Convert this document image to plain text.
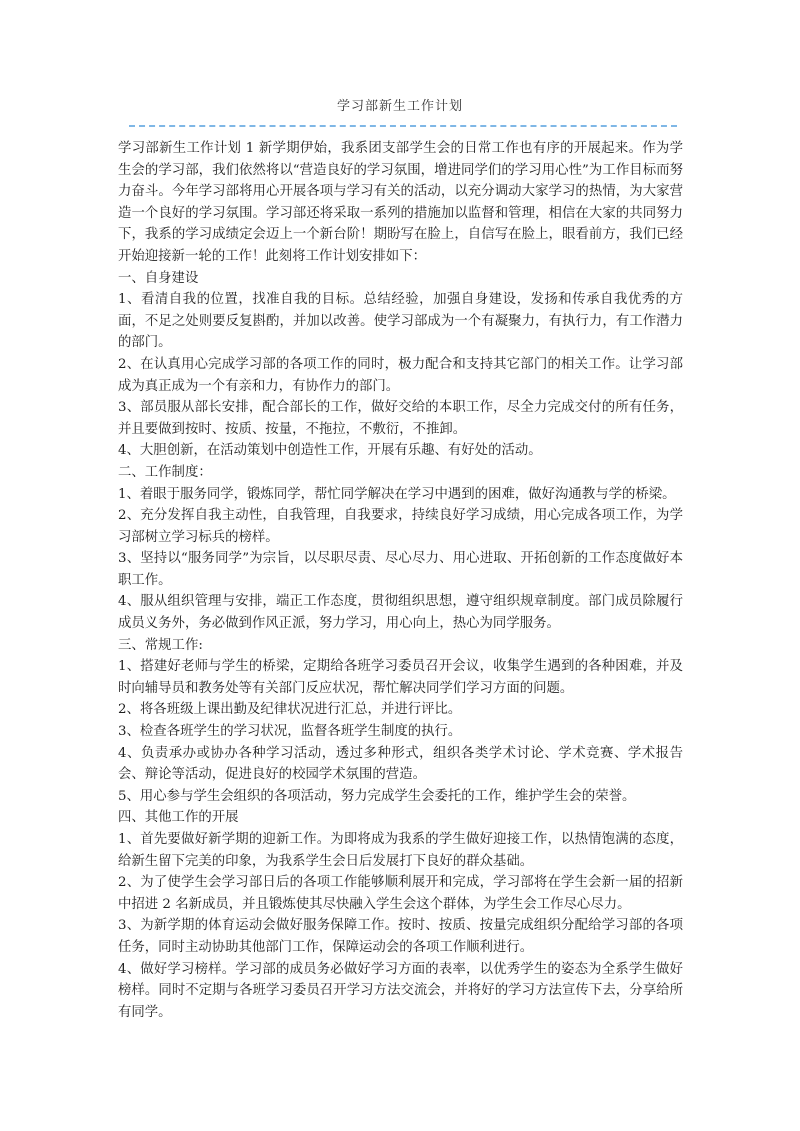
学习部新生工作计划

学习部新生工作计划 1 新学期伊始，我系团支部学生会的日常工作也有序的开展起来。作为学生会的学习部，我们依然将以“营造良好的学习氛围，增进同学们的学习用心性”为工作目标而努力奋斗。今年学习部将用心开展各项与学习有关的活动，以充分调动大家学习的热情，为大家营造一个良好的学习氛围。学习部还将采取一系列的措施加以监督和管理，相信在大家的共同努力下，我系的学习成绩定会迈上一个新台阶！期盼写在脸上，自信写在脸上，眼看前方，我们已经开始迎接新一轮的工作！此刻将工作计划安排如下：

一、自身建设

1、看清自我的位置，找准自我的目标。总结经验，加强自身建设，发扬和传承自我优秀的方面，不足之处则要反复斟酌，并加以改善。使学习部成为一个有凝聚力，有执行力，有工作潜力的部门。

2、在认真用心完成学习部的各项工作的同时，极力配合和支持其它部门的相关工作。让学习部成为真正成为一个有亲和力，有协作力的部门。

3、部员服从部长安排，配合部长的工作，做好交给的本职工作，尽全力完成交付的所有任务，并且要做到按时、按质、按量，不拖拉，不敷衍，不推卸。

4、大胆创新，在活动策划中创造性工作，开展有乐趣、有好处的活动。

二、工作制度：

1、着眼于服务同学，锻炼同学，帮忙同学解决在学习中遇到的困难，做好沟通教与学的桥梁。

2、充分发挥自我主动性，自我管理，自我要求，持续良好学习成绩，用心完成各项工作，为学习部树立学习标兵的榜样。

3、坚持以“服务同学”为宗旨，以尽职尽责、尽心尽力、用心进取、开拓创新的工作态度做好本职工作。

4、服从组织管理与安排，端正工作态度，贯彻组织思想，遵守组织规章制度。部门成员除履行成员义务外，务必做到作风正派，努力学习，用心向上，热心为同学服务。

三、常规工作:

1、搭建好老师与学生的桥梁，定期给各班学习委员召开会议，收集学生遇到的各种困难，并及时向辅导员和教务处等有关部门反应状况，帮忙解决同学们学习方面的问题。

2、将各班级上课出勤及纪律状况进行汇总，并进行评比。

3、检查各班学生的学习状况，监督各班学生制度的执行。

4、负责承办或协办各种学习活动，透过多种形式，组织各类学术讨论、学术竞赛、学术报告会、辩论等活动，促进良好的校园学术氛围的营造。

5、用心参与学生会组织的各项活动，努力完成学生会委托的工作，维护学生会的荣誉。

四、其他工作的开展

1、首先要做好新学期的迎新工作。为即将成为我系的学生做好迎接工作，以热情饱满的态度，给新生留下完美的印象，为我系学生会日后发展打下良好的群众基础。

2、为了使学生会学习部日后的各项工作能够顺利展开和完成，学习部将在学生会新一届的招新中招进 2 名新成员，并且锻炼使其尽快融入学生会这个群体，为学生会工作尽心尽力。

3、为新学期的体育运动会做好服务保障工作。按时、按质、按量完成组织分配给学习部的各项任务，同时主动协助其他部门工作，保障运动会的各项工作顺利进行。

4、做好学习榜样。学习部的成员务必做好学习方面的表率，以优秀学生的姿态为全系学生做好榜样。同时不定期与各班学习委员召开学习方法交流会，并将好的学习方法宣传下去，分享给所有同学。
